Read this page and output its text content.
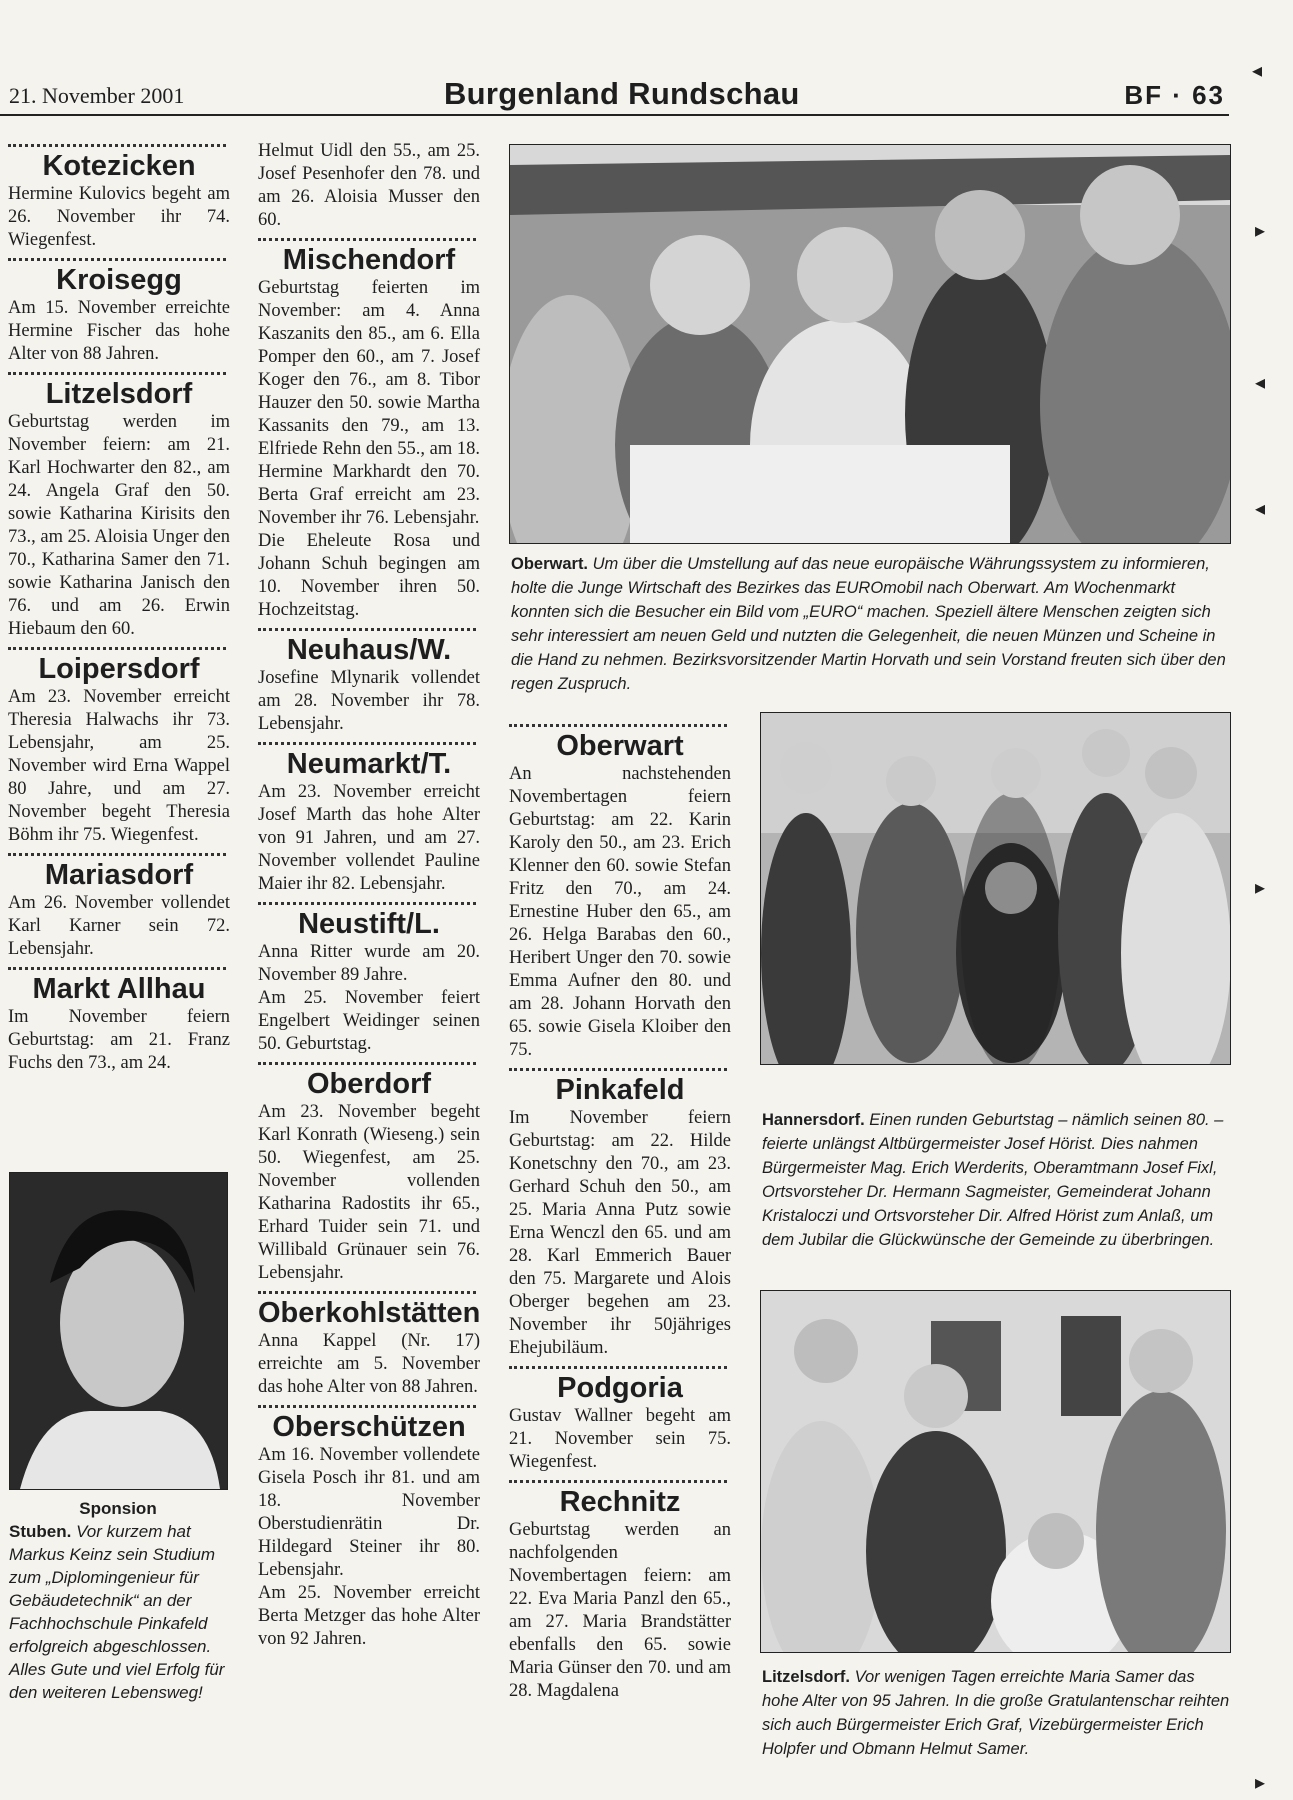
21. November 2001	Burgenland Rundschau	BF · 63
Kotezicken

Hermine Kulovics begeht am 26. November ihr 74. Wiegenfest.

Kroisegg

Am 15. November erreichte Hermine Fischer das hohe Alter von 88 Jahren.

Litzelsdorf

Geburtstag werden im November feiern: am 21. Karl Hochwarter den 82., am 24. Angela Graf den 50. sowie Katharina Kirisits den 73., am 25. Aloisia Unger den 70., Katharina Samer den 71. sowie Katharina Janisch den 76. und am 26. Erwin Hiebaum den 60.

Loipersdorf

Am 23. November erreicht Theresia Halwachs ihr 73. Lebensjahr, am 25. November wird Erna Wappel 80 Jahre, und am 27. November begeht Theresia Böhm ihr 75. Wiegenfest.

Mariasdorf

Am 26. November vollendet Karl Karner sein 72. Lebensjahr.

Markt Allhau

Im November feiern Geburtstag: am 21. Franz Fuchs den 73., am 24.

Sponsion
Stuben. Vor kurzem hat Markus Keinz sein Studium zum „Diplomingenieur für Gebäudetechnik“ an der Fachhochschule Pinkafeld erfolgreich abgeschlossen. Alles Gute und viel Erfolg für den weiteren Lebensweg!

Helmut Uidl den 55., am 25. Josef Pesenhofer den 78. und am 26. Aloisia Musser den 60.

Mischendorf

Geburtstag feierten im November: am 4. Anna Kaszanits den 85., am 6. Ella Pomper den 60., am 7. Josef Koger den 76., am 8. Tibor Hauzer den 50. sowie Martha Kassanits den 79., am 13. Elfriede Rehn den 55., am 18. Hermine Markhardt den 70. Berta Graf erreicht am 23. November ihr 76. Lebensjahr.

Die Eheleute Rosa und Johann Schuh begingen am 10. November ihren 50. Hochzeitstag.

Neuhaus/W.

Josefine Mlynarik vollendet am 28. November ihr 78. Lebensjahr.

Neumarkt/T.

Am 23. November erreicht Josef Marth das hohe Alter von 91 Jahren, und am 27. November vollendet Pauline Maier ihr 82. Lebensjahr.

Neustift/L.

Anna Ritter wurde am 20. November 89 Jahre.

Am 25. November feiert Engelbert Weidinger seinen 50. Geburtstag.

Oberdorf

Am 23. November begeht Karl Konrath (Wieseng.) sein 50. Wiegenfest, am 25. November vollenden Katharina Radostits ihr 65., Erhard Tuider sein 71. und Willibald Grünauer sein 76. Lebensjahr.

Oberkohlstätten

Anna Kappel (Nr. 17) erreichte am 5. November das hohe Alter von 88 Jahren.

Oberschützen

Am 16. November vollendete Gisela Posch ihr 81. und am 18. November Oberstudienrätin Dr. Hildegard Steiner ihr 80. Lebensjahr.

Am 25. November erreicht Berta Metzger das hohe Alter von 92 Jahren.

Oberwart. Um über die Umstellung auf das neue europäische Währungssystem zu informieren, holte die Junge Wirtschaft des Bezirkes das EUROmobil nach Oberwart. Am Wochenmarkt konnten sich die Besucher ein Bild vom „EURO“ machen. Speziell ältere Menschen zeigten sich sehr interessiert am neuen Geld und nutzten die Gelegenheit, die neuen Münzen und Scheine in die Hand zu nehmen. Bezirksvorsitzender Martin Horvath und sein Vorstand freuten sich über den regen Zuspruch.
Oberwart

An nachstehenden Novembertagen feiern Geburtstag: am 22. Karin Karoly den 50., am 23. Erich Klenner den 60. sowie Stefan Fritz den 70., am 24. Ernestine Huber den 65., am 26. Helga Barabas den 60., Heribert Unger den 70. sowie Emma Aufner den 80. und am 28. Johann Horvath den 65. sowie Gisela Kloiber den 75.

Pinkafeld

Im November feiern Geburtstag: am 22. Hilde Konetschny den 70., am 23. Gerhard Schuh den 50., am 25. Maria Anna Putz sowie Erna Wenczl den 65. und am 28. Karl Emmerich Bauer den 75. Margarete und Alois Oberger begehen am 23. November ihr 50jähriges Ehejubiläum.

Podgoria

Gustav Wallner begeht am 21. November sein 75. Wiegenfest.

Rechnitz

Geburtstag werden an nachfolgenden Novembertagen feiern: am 22. Eva Maria Panzl den 65., am 27. Maria Brandstätter ebenfalls den 65. sowie Maria Günser den 70. und am 28. Magdalena

Hannersdorf. Einen runden Geburtstag – nämlich seinen 80. – feierte unlängst Altbürgermeister Josef Hörist. Dies nahmen Bürgermeister Mag. Erich Werderits, Oberamtmann Josef Fixl, Ortsvorsteher Dr. Hermann Sagmeister, Gemeinderat Johann Kristaloczi und Ortsvorsteher Dir. Alfred Hörist zum Anlaß, um dem Jubilar die Glückwünsche der Gemeinde zu überbringen.
Litzelsdorf. Vor wenigen Tagen erreichte Maria Samer das hohe Alter von 95 Jahren. In die große Gratulantenschar reihten sich auch Bürgermeister Erich Graf, Vizebürgermeister Erich Holpfer und Obmann Helmut Samer.
◂
▸
◂
◂
▸
▸
